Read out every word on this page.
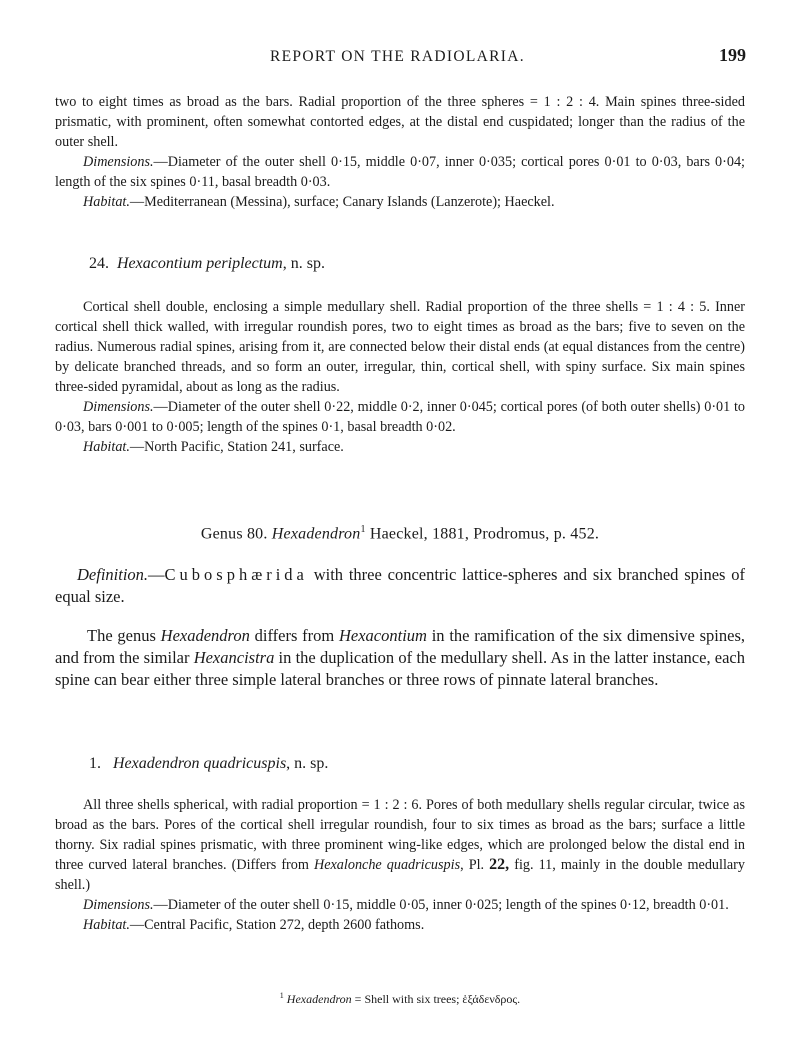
REPORT ON THE RADIOLARIA.	199

two to eight times as broad as the bars. Radial proportion of the three spheres = 1 : 2 : 4. Main spines three-sided prismatic, with prominent, often somewhat contorted edges, at the distal end cuspidated; longer than the radius of the outer shell.

Dimensions.—Diameter of the outer shell 0·15, middle 0·07, inner 0·035; cortical pores 0·01 to 0·03, bars 0·04; length of the six spines 0·11, basal breadth 0·03.

Habitat.—Mediterranean (Messina), surface; Canary Islands (Lanzerote); Haeckel.

24. Hexacontium periplectum, n. sp.

Cortical shell double, enclosing a simple medullary shell. Radial proportion of the three shells = 1 : 4 : 5. Inner cortical shell thick walled, with irregular roundish pores, two to eight times as broad as the bars; five to seven on the radius. Numerous radial spines, arising from it, are connected below their distal ends (at equal distances from the centre) by delicate branched threads, and so form an outer, irregular, thin, cortical shell, with spiny surface. Six main spines three-sided pyramidal, about as long as the radius.

Dimensions.—Diameter of the outer shell 0·22, middle 0·2, inner 0·045; cortical pores (of both outer shells) 0·01 to 0·03, bars 0·001 to 0·005; length of the spines 0·1, basal breadth 0·02.

Habitat.—North Pacific, Station 241, surface.

Genus 80. Hexadendron$^1$ Haeckel, 1881, Prodromus, p. 452.

Definition.—Cubosphærida with three concentric lattice-spheres and six branched spines of equal size.

The genus Hexadendron differs from Hexacontium in the ramification of the six dimensive spines, and from the similar Hexancistra in the duplication of the medullary shell. As in the latter instance, each spine can bear either three simple lateral branches or three rows of pinnate lateral branches.

1. Hexadendron quadricuspis, n. sp.

All three shells spherical, with radial proportion = 1 : 2 : 6. Pores of both medullary shells regular circular, twice as broad as the bars. Pores of the cortical shell irregular roundish, four to six times as broad as the bars; surface a little thorny. Six radial spines prismatic, with three prominent wing-like edges, which are prolonged below the distal end in three curved lateral branches. (Differs from Hexalonche quadricuspis, Pl. 22, fig. 11, mainly in the double medullary shell.)

Dimensions.—Diameter of the outer shell 0·15, middle 0·05, inner 0·025; length of the spines 0·12, breadth 0·01.

Habitat.—Central Pacific, Station 272, depth 2600 fathoms.

$^1$ Hexadendron = Shell with six trees; ἑξάδενδρος.
